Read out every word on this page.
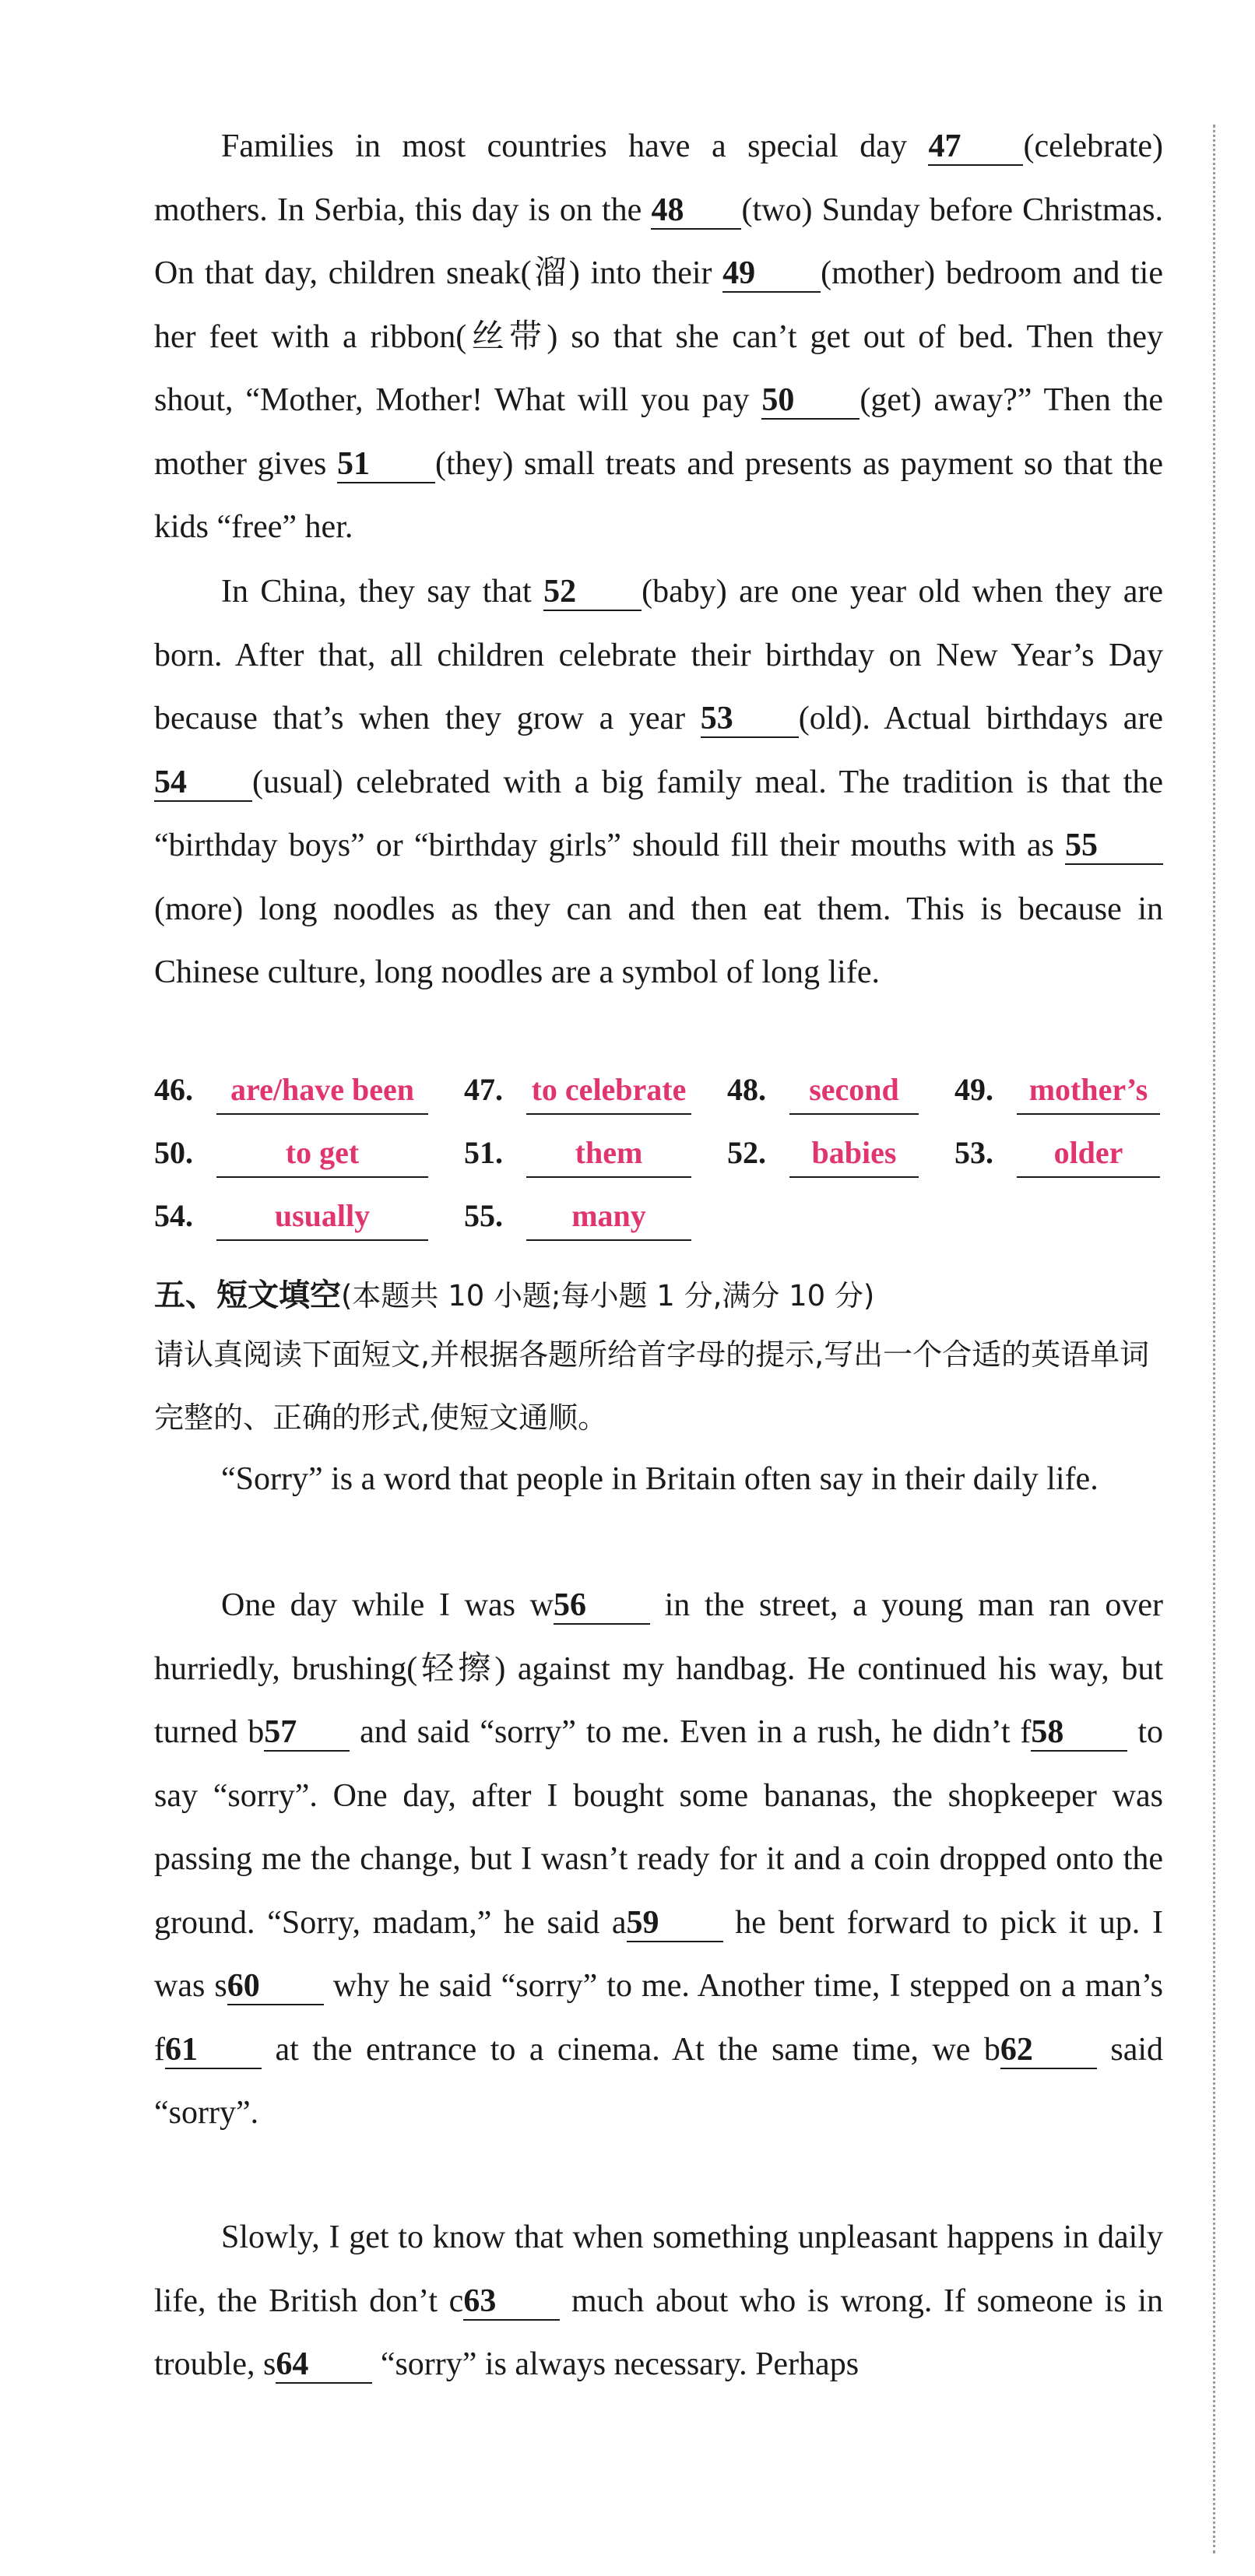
Families in most countries have a special day 47 (celebrate) mothers. In Serbia, this day is on the 48 (two) Sunday before Christmas. On that day, children sneak(溜) into their 49 (mother) bedroom and tie her feet with a ribbon(丝带) so that she can’t get out of bed. Then they shout, “Mother, Mother! What will you pay 50 (get) away?” Then the mother gives 51 (they) small treats and presents as payment so that the kids “free” her.
In China, they say that 52 (baby) are one year old when they are born. After that, all children celebrate their birthday on New Year’s Day because that’s when they grow a year 53 (old). Actual birthdays are 54 (usual) celebrated with a big family meal. The tradition is that the “birthday boys” or “birthday girls” should fill their mouths with as 55(more) long noodles as they can and then eat them. This is because in Chinese culture, long noodles are a symbol of long life.
46.	are/have been	47. to celebrate 48.	second	49.	mother’s
50.	to get	51.	them	52.	babies	53.	older
54.	usually	55.	many
五、短文填空(本题共 10 小题;每小题 1 分,满分 10 分)
请认真阅读下面短文,并根据各题所给首字母的提示,写出一个合适的英语单词完整的、正确的形式,使短文通顺。
“Sorry” is a word that people in Britain often say in their daily life.
One day while I was w56 in the street, a young man ran over hurriedly, brushing(轻擦) against my handbag. He continued his way, but turned b57 and said “sorry” to me. Even in a rush, he didn’t f58 to say “sorry”. One day, after I bought some bananas, the shopkeeper was passing me the change, but I wasn’t ready for it and a coin dropped onto the ground. “Sorry, madam,” he said a59 he bent forward to pick it up. I was s60 why he said “sorry” to me. Another time, I stepped on a man’s f61 at the entrance to a cinema. At the same time, we b62 said “sorry”.
Slowly, I get to know that when something unpleasant happens in daily life, the British don’t c63 much about who is wrong. If someone is in trouble, s64 “sorry” is always necessary. Perhaps
